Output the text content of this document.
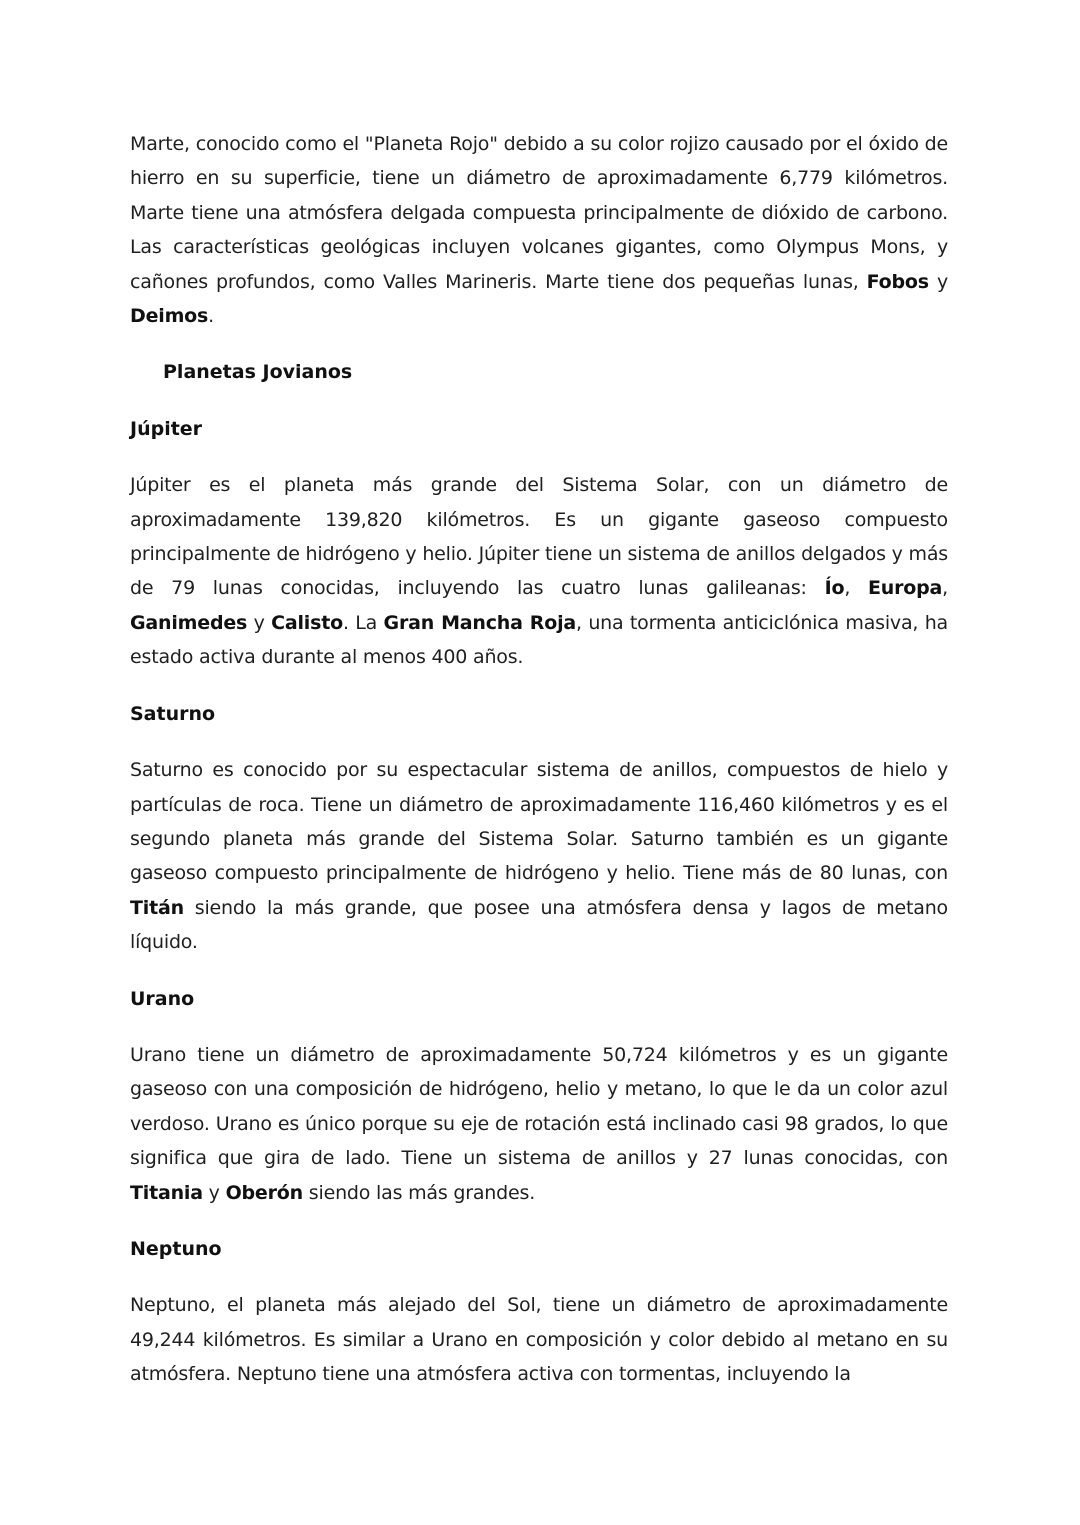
Marte, conocido como el "Planeta Rojo" debido a su color rojizo causado por el óxido de hierro en su superficie, tiene un diámetro de aproximadamente 6,779 kilómetros. Marte tiene una atmósfera delgada compuesta principalmente de dióxido de carbono. Las características geológicas incluyen volcanes gigantes, como Olympus Mons, y cañones profundos, como Valles Marineris. Marte tiene dos pequeñas lunas, Fobos y Deimos.

Planetas Jovianos

Júpiter

Júpiter es el planeta más grande del Sistema Solar, con un diámetro de aproximadamente 139,820 kilómetros. Es un gigante gaseoso compuesto principalmente de hidrógeno y helio. Júpiter tiene un sistema de anillos delgados y más de 79 lunas conocidas, incluyendo las cuatro lunas galileanas: Ío, Europa, Ganimedes y Calisto. La Gran Mancha Roja, una tormenta anticiclónica masiva, ha estado activa durante al menos 400 años.

Saturno

Saturno es conocido por su espectacular sistema de anillos, compuestos de hielo y partículas de roca. Tiene un diámetro de aproximadamente 116,460 kilómetros y es el segundo planeta más grande del Sistema Solar. Saturno también es un gigante gaseoso compuesto principalmente de hidrógeno y helio. Tiene más de 80 lunas, con Titán siendo la más grande, que posee una atmósfera densa y lagos de metano líquido.

Urano

Urano tiene un diámetro de aproximadamente 50,724 kilómetros y es un gigante gaseoso con una composición de hidrógeno, helio y metano, lo que le da un color azul verdoso. Urano es único porque su eje de rotación está inclinado casi 98 grados, lo que significa que gira de lado. Tiene un sistema de anillos y 27 lunas conocidas, con Titania y Oberón siendo las más grandes.

Neptuno

Neptuno, el planeta más alejado del Sol, tiene un diámetro de aproximadamente 49,244 kilómetros. Es similar a Urano en composición y color debido al metano en su atmósfera. Neptuno tiene una atmósfera activa con tormentas, incluyendo la
